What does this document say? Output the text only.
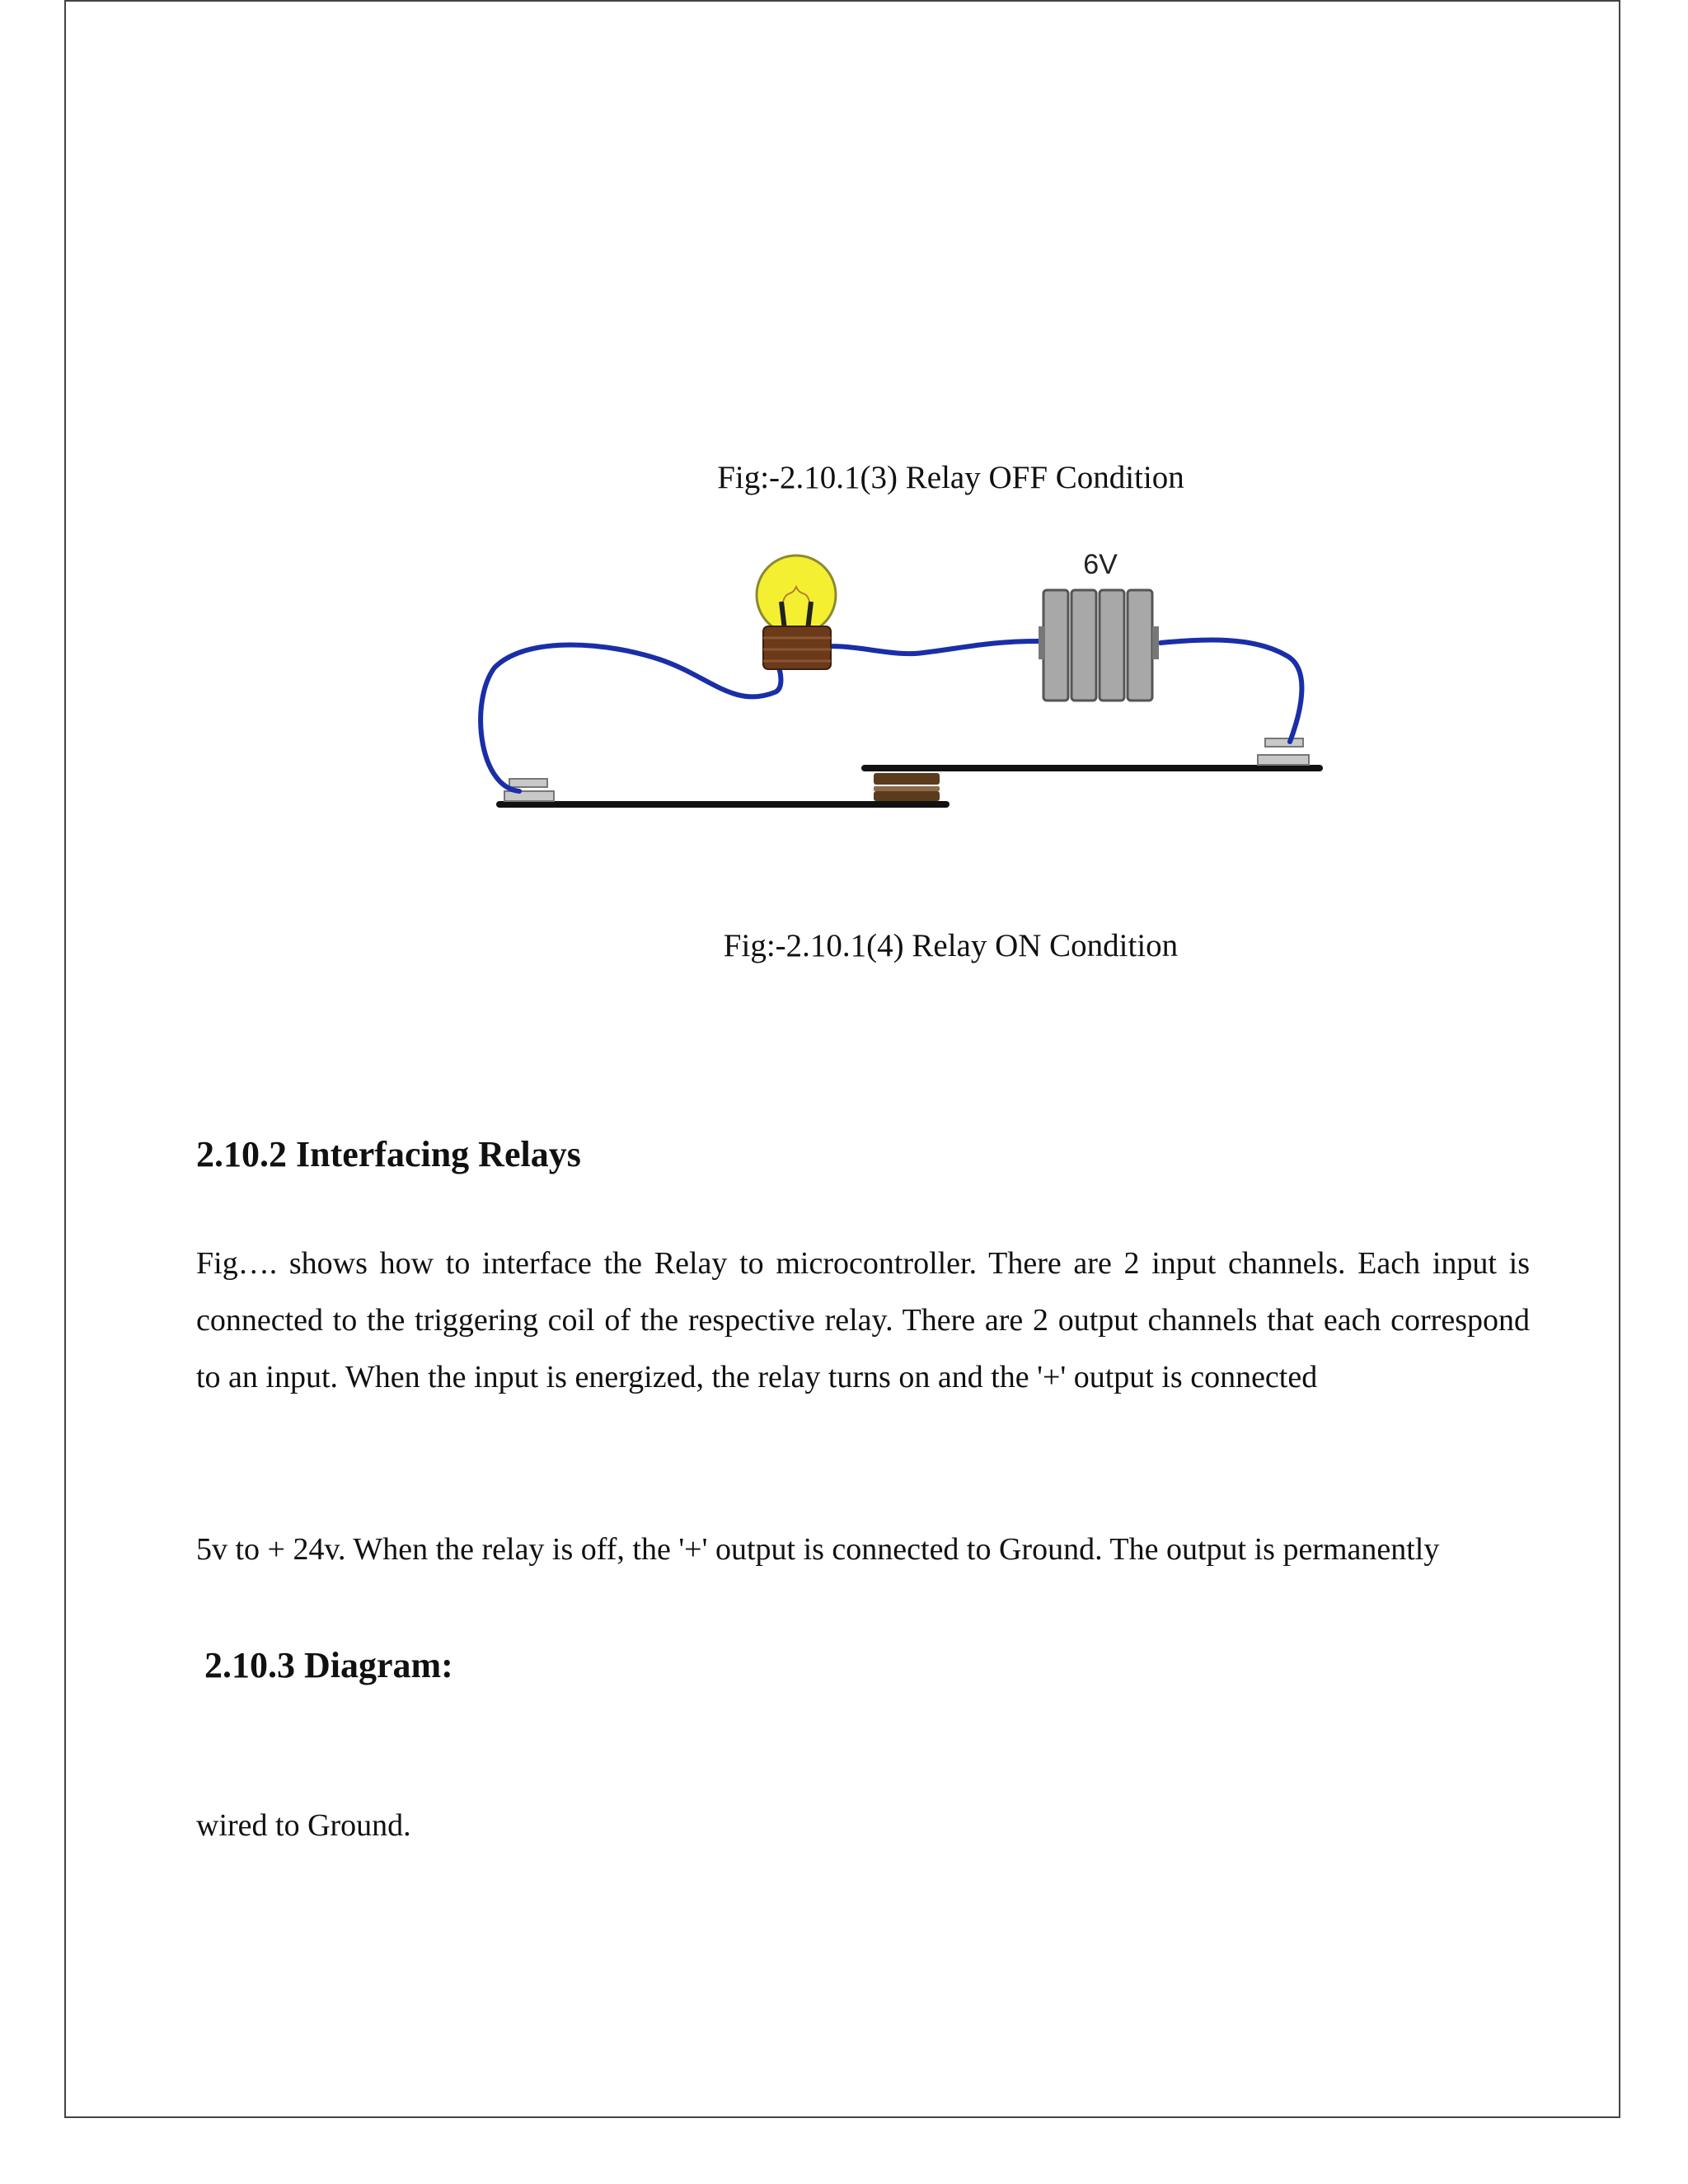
Fig:-2.10.1(3) Relay OFF Condition
6V
Fig:-2.10.1(4) Relay ON Condition
2.10.2 Interfacing Relays

Fig…. shows how to interface the Relay to microcontroller. There are 2 input channels. Each input is connected to the triggering coil of the respective relay. There are 2 output channels that each correspond to an input. When the input is energized, the relay turns on and the '+' output is connected

5v to + 24v. When the relay is off, the '+' output is connected to Ground. The output is permanently
2.10.3 Diagram:
wired to Ground.
